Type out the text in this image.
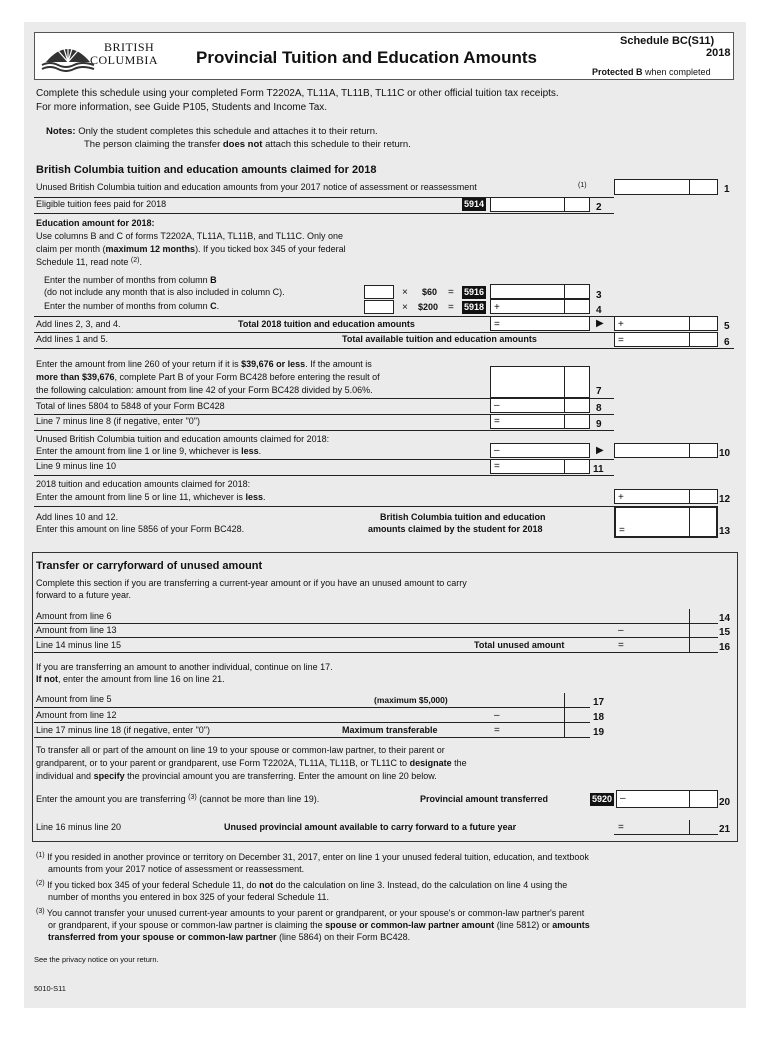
BRITISH
COLUMBIA Provincial Tuition and Education Amounts
Schedule BC(S11)
2018
Protected B when completed
Complete this schedule using your completed Form T2202A, TL11A, TL11B, TL11C or other official tuition tax receipts.
For more information, see Guide P105, Students and Income Tax.
Notes: Only the student completes this schedule and attaches it to their return.
The person claiming the transfer does not attach this schedule to their return.
British Columbia tuition and education amounts claimed for 2018
Unused British Columbia tuition and education amounts from your 2017 notice of assessment or reassessment	(1)	1
Eligible tuition fees paid for 2018	5914	2
Education amount for 2018:
Use columns B and C of forms T2202A, TL11A, TL11B, and TL11C. Only one
claim per month (maximum 12 months). If you ticked box 345 of your federal
Schedule 11, read note $^{(2)}$.
Enter the number of months from column B
(do not include any month that is also included in column C).	× $60 = 5916	3
Enter the number of months from column C.	× $200 = 5918 +	4
Add lines 2, 3, and 4.	Total 2018 tuition and education amounts	=	▶ +	5
Add lines 1 and 5.	Total available tuition and education amounts	=	6
Enter the amount from line 260 of your return if it is $39,676 or less. If the amount is
more than $39,676, complete Part B of your Form BC428 before entering the result of
the following calculation: amount from line 42 of your Form BC428 divided by 5.06%.	7
Total of lines 5804 to 5848 of your Form BC428	–	8
Line 7 minus line 8 (if negative, enter "0")	=	9
Unused British Columbia tuition and education amounts claimed for 2018:
Enter the amount from line 1 or line 9, whichever is less.	–	▶	10
Line 9 minus line 10	=	11
2018 tuition and education amounts claimed for 2018:
Enter the amount from line 5 or line 11, whichever is less.	+	12
Add lines 10 and 12.
Enter this amount on line 5856 of your Form BC428.
British Columbia tuition and education
amounts claimed by the student for 2018	=	13
Transfer or carryforward of unused amount
Complete this section if you are transferring a current-year amount or if you have an unused amount to carry
forward to a future year.
Amount from line 6	14
Amount from line 13	–	15
Line 14 minus line 15	Total unused amount	=	16
If you are transferring an amount to another individual, continue on line 17.
If not, enter the amount from line 16 on line 21.
Amount from line 5	(maximum $5,000)	17
Amount from line 12	–	18
Line 17 minus line 18 (if negative, enter "0")	Maximum transferable	=	19
To transfer all or part of the amount on line 19 to your spouse or common-law partner, to their parent or
grandparent, or to your parent or grandparent, use Form T2202A, TL11A, TL11B, or TL11C to designate the
individual and specify the provincial amount you are transferring. Enter the amount on line 20 below.
Enter the amount you are transferring $^{(3)}$ (cannot be more than line 19).	Provincial amount transferred	5920 –	20
Line 16 minus line 20	Unused provincial amount available to carry forward to a future year	=	21
$^{(1)}$ If you resided in another province or territory on December 31, 2017, enter on line 1 your unused federal tuition, education, and textbook
amounts from your 2017 notice of assessment or reassessment.
$^{(2)}$ If you ticked box 345 of your federal Schedule 11, do not do the calculation on line 3. Instead, do the calculation on line 4 using the
number of months you entered in box 325 of your federal Schedule 11.
$^{(3)}$ You cannot transfer your unused current-year amounts to your parent or grandparent, or your spouse's or common-law partner's parent
or grandparent, if your spouse or common-law partner is claiming the spouse or common-law partner amount (line 5812) or amounts
transferred from your spouse or common-law partner (line 5864) on their Form BC428.
See the privacy notice on your return.
5010-S11
